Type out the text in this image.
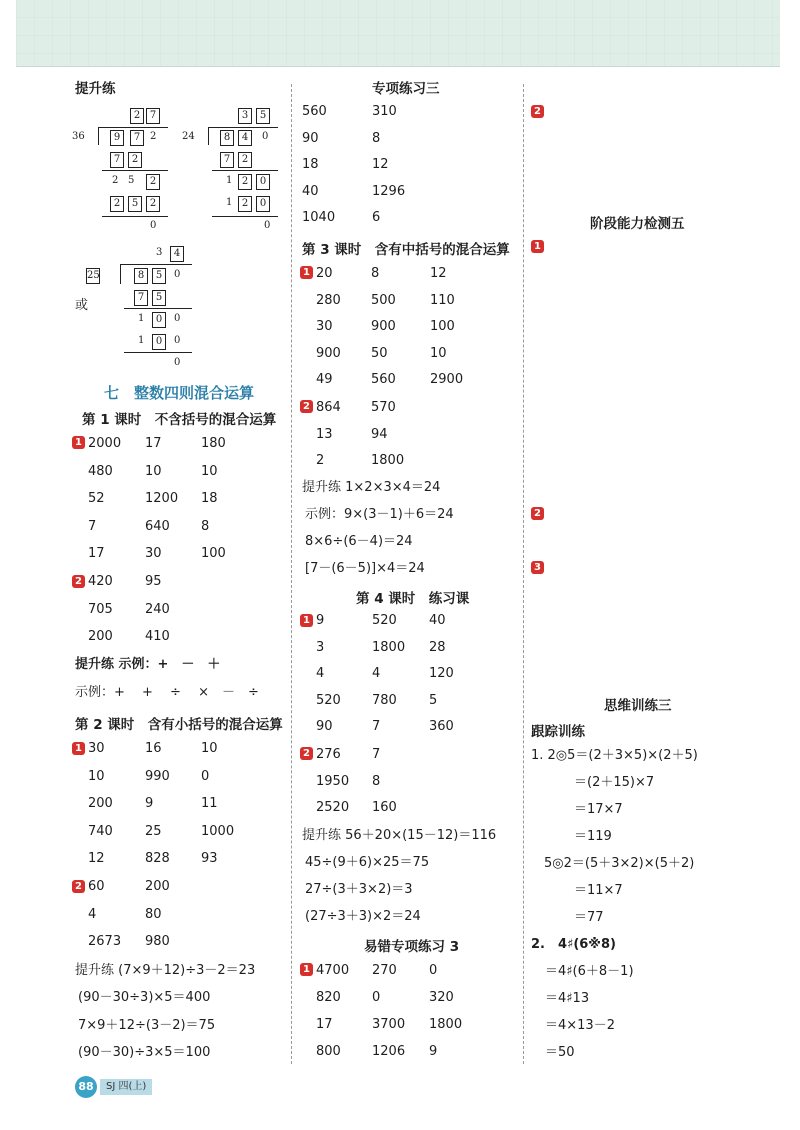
提升练
2 7
36	9	7 2
7	2
2 5	2
2	5	2
0
3	5
24	8	4	0
7	2
1 2	0
1 2	0
0
3	4
25	8	5	0
7	5
1	0	0
1	0	0
0
或
七　整数四则混合运算
第 1 课时　不含括号的混合运算
1 2000 17	180
480 10	10
52	1200 18
7	640 8
17	30	100
2 420 95
705 240
200 410
提升练 示例：+　－　＋
示例：+　 +　 ÷　 ×　－　÷
第 2 课时　含有小括号的混合运算
1 30	16	10
10	990 0
200 9	11
740 25	1000
12	828 93
2 60	200
4	80
2673 980
提升练 (7×9＋12)÷3－2＝23
(90－30÷3)×5＝400
7×9＋12÷(3－2)＝75
(90－30)÷3×5＝100
专项练习三
560	310
90	8
18	12
40	1296
1040	6
第 3 课时　含有中括号的混合运算
1 20	8	12
280 500	110
30	900	100
900 50	10
49	560	2900
2 864 570
13	94
2	1800
提升练 1×2×3×4＝24
示例：9×(3－1)＋6＝24
8×6÷(6－4)＝24
[7－(6－5)]×4＝24
第 4 课时　练习课
1 9	520 40
3	1800 28
4	4	120
520 780 5
90	7	360
2 276 7
1950 8
2520 160
提升练 56＋20×(15－12)＝116
45÷(9＋6)×25＝75
27÷(3＋3×2)＝3
(27÷3＋3)×2＝24
易错专项练习 3
1 4700 270 0
820 0	320
17	3700 1800
800 1206 9
2
阶段能力检测五
1
2
3
思维训练三
跟踪训练
1. 2◎5＝(2＋3×5)×(2＋5)
＝(2＋15)×7
＝17×7
＝119
5◎2＝(5＋3×2)×(5＋2)
＝11×7
＝77
2.　4♯(6※8)
＝4♯(6＋8－1)
＝4♯13
＝4×13－2
＝50
88	SJ 四(上)
